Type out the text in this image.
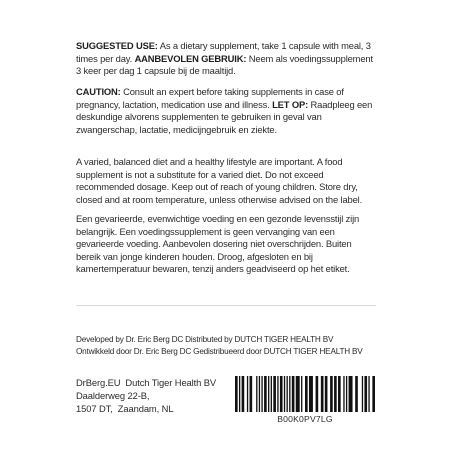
SUGGESTED USE: As a dietary supplement, take 1 capsule with meal, 3 times per day. AANBEVOLEN GEBRUIK: Neem als voedingssupplement 3 keer per dag 1 capsule bij de maaltijd.
CAUTION: Consult an expert before taking supplements in case of pregnancy, lactation, medication use and illness. LET OP: Raadpleeg een deskundige alvorens supplementen te gebruiken in geval van zwangerschap, lactatie, medicijngebruik en ziekte.
A varied, balanced diet and a healthy lifestyle are important. A food supplement is not a substitute for a varied diet. Do not exceed recommended dosage. Keep out of reach of young children. Store dry, closed and at room temperature, unless otherwise advised on the label.
Een gevarieerde, evenwichtige voeding en een gezonde levensstijl zijn belangrijk. Een voedingssupplement is geen vervanging van een gevarieerde voeding. Aanbevolen dosering niet overschrijden. Buiten bereik van jonge kinderen houden. Droog, afgesloten en bij kamertemperatuur bewaren, tenzij anders geadviseerd op het etiket.
Developed by Dr. Eric Berg DC Distributed by DUTCH TIGER HEALTH BV
Ontwikkeld door Dr. Eric Berg DC Gedistribueerd door DUTCH TIGER HEALTH BV
DrBerg.EU  Dutch Tiger Health BV
Daalderweg 22-B,
1507 DT,  Zaandam, NL
B00K0PV7LG
